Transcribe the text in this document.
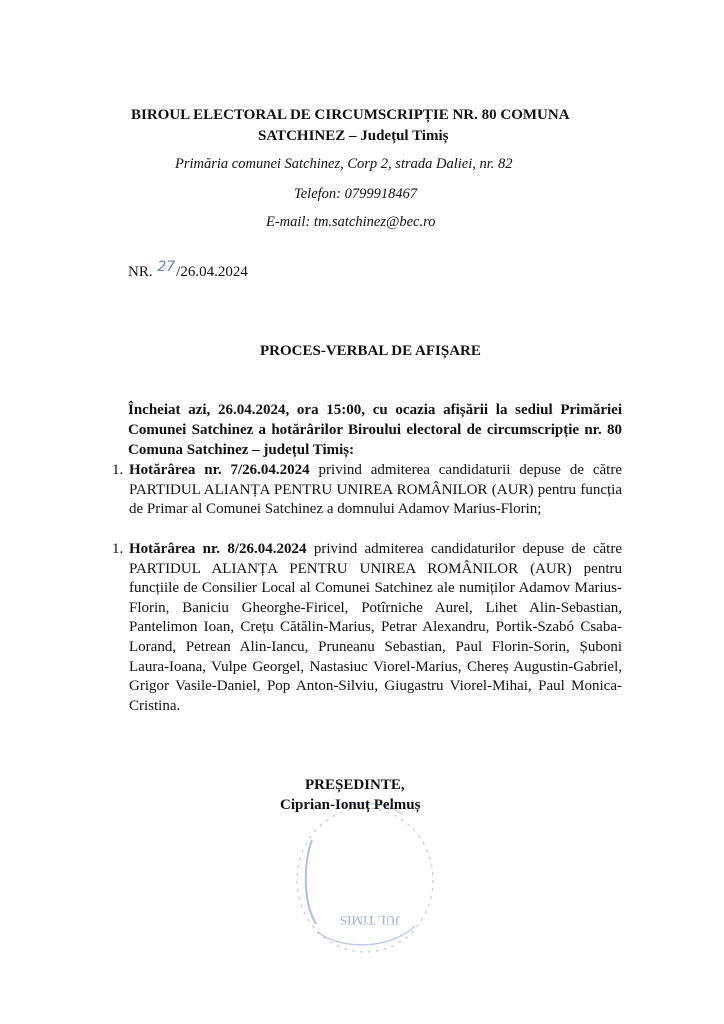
BIROUL ELECTORAL DE CIRCUMSCRIPȚIE NR. 80 COMUNA
SATCHINEZ – Județul Timiș
Primăria comunei Satchinez, Corp 2, strada Daliei, nr. 82
Telefon: 0799918467
E-mail: tm.satchinez@bec.ro
NR. 27/26.04.2024
PROCES-VERBAL DE AFIȘARE
Încheiat azi, 26.04.2024, ora 15:00, cu ocazia afișării la sediul Primăriei Comunei Satchinez a hotărârilor Biroului electoral de circumscripție nr. 80 Comuna Satchinez – județul Timiș:
1. Hotărârea nr. 7/26.04.2024 privind admiterea candidaturii depuse de către PARTIDUL ALIANȚA PENTRU UNIREA ROMÂNILOR (AUR) pentru funcția de Primar al Comunei Satchinez a domnului Adamov Marius-Florin;
1. Hotărârea nr. 8/26.04.2024 privind admiterea candidaturilor depuse de către PARTIDUL ALIANȚA PENTRU UNIREA ROMÂNILOR (AUR) pentru funcțiile de Consilier Local al Comunei Satchinez ale numiților Adamov Marius-Florin, Baniciu Gheorghe-Firicel, Potîrniche Aurel, Lihet Alin-Sebastian, Pantelimon Ioan, Crețu Cătălin-Marius, Petrar Alexandru, Portik-Szabó Csaba-Lorand, Petrean Alin-Iancu, Pruneanu Sebastian, Paul Florin-Sorin, Șuboni Laura-Ioana, Vulpe Georgel, Nastasiuc Viorel-Marius, Chereș Augustin-Gabriel, Grigor Vasile-Daniel, Pop Anton-Silviu, Giugastru Viorel-Mihai, Paul Monica-Cristina.
PREȘEDINTE,
JUL TIMIS
Ciprian-Ionuț Pelmuș
